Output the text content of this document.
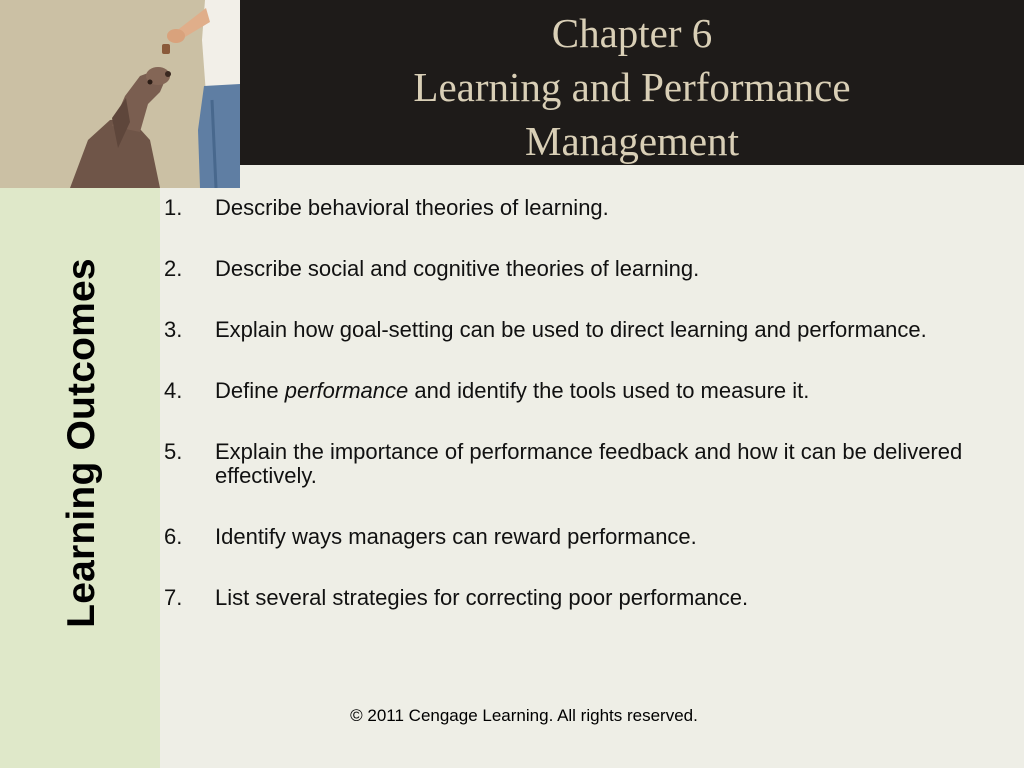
Chapter 6
Learning and Performance
Management
Learning Outcomes
1. Describe behavioral theories of learning.
2. Describe social and cognitive theories of learning.
3. Explain how goal-setting can be used to direct learning and performance.
4. Define performance and identify the tools used to measure it.
5. Explain the importance of performance feedback and how it can be delivered effectively.
6. Identify ways managers can reward performance.
7. List several strategies for correcting poor performance.
© 2011 Cengage Learning. All rights reserved.
